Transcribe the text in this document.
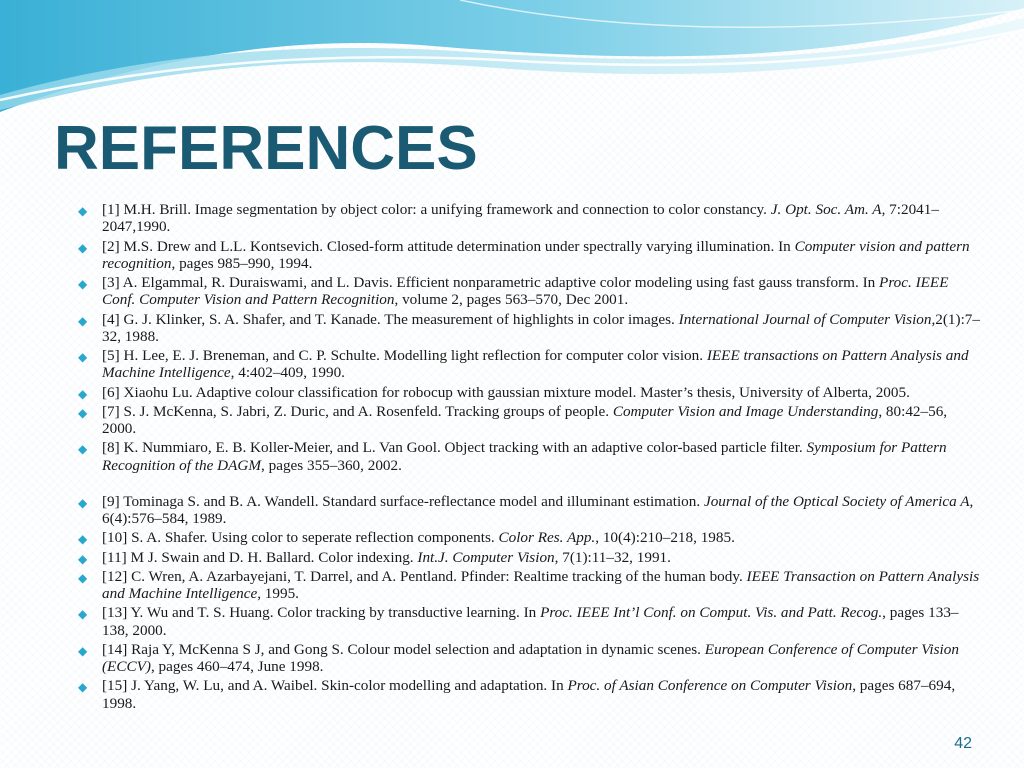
REFERENCES
◆ [1] M.H. Brill. Image segmentation by object color: a unifying framework and connection to color constancy. J. Opt. Soc. Am. A, 7:2041–2047,1990.
◆ [2] M.S. Drew and L.L. Kontsevich. Closed-form attitude determination under spectrally varying illumination. In Computer vision and pattern recognition, pages 985–990, 1994.
◆ [3] A. Elgammal, R. Duraiswami, and L. Davis. Efficient nonparametric adaptive color modeling using fast gauss transform. In Proc. IEEE Conf. Computer Vision and Pattern Recognition, volume 2, pages 563–570, Dec 2001.
◆ [4] G. J. Klinker, S. A. Shafer, and T. Kanade. The measurement of highlights in color images. International Journal of Computer Vision,2(1):7–32, 1988.
◆ [5] H. Lee, E. J. Breneman, and C. P. Schulte. Modelling light reflection for computer color vision. IEEE transactions on Pattern Analysis and Machine Intelligence, 4:402–409, 1990.
◆ [6] Xiaohu Lu. Adaptive colour classification for robocup with gaussian mixture model. Master’s thesis, University of Alberta, 2005.
◆ [7] S. J. McKenna, S. Jabri, Z. Duric, and A. Rosenfeld. Tracking groups of people. Computer Vision and Image Understanding, 80:42–56, 2000.
◆ [8] K. Nummiaro, E. B. Koller-Meier, and L. Van Gool. Object tracking with an adaptive color-based particle filter. Symposium for Pattern Recognition of the DAGM, pages 355–360, 2002.
◆ [9] Tominaga S. and B. A. Wandell. Standard surface-reflectance model and illuminant estimation. Journal of the Optical Society of America A, 6(4):576–584, 1989.
◆ [10] S. A. Shafer. Using color to seperate reflection components. Color Res. App., 10(4):210–218, 1985.
◆ [11] M J. Swain and D. H. Ballard. Color indexing. Int.J. Computer Vision, 7(1):11–32, 1991.
◆ [12] C. Wren, A. Azarbayejani, T. Darrel, and A. Pentland. Pfinder: Realtime tracking of the human body. IEEE Transaction on Pattern Analysis and Machine Intelligence, 1995.
◆ [13] Y. Wu and T. S. Huang. Color tracking by transductive learning. In Proc. IEEE Int’l Conf. on Comput. Vis. and Patt. Recog., pages 133–138, 2000.
◆ [14] Raja Y, McKenna S J, and Gong S. Colour model selection and adaptation in dynamic scenes. European Conference of Computer Vision (ECCV), pages 460–474, June 1998.
◆ [15] J. Yang, W. Lu, and A. Waibel. Skin-color modelling and adaptation. In Proc. of Asian Conference on Computer Vision, pages 687–694, 1998.
42
